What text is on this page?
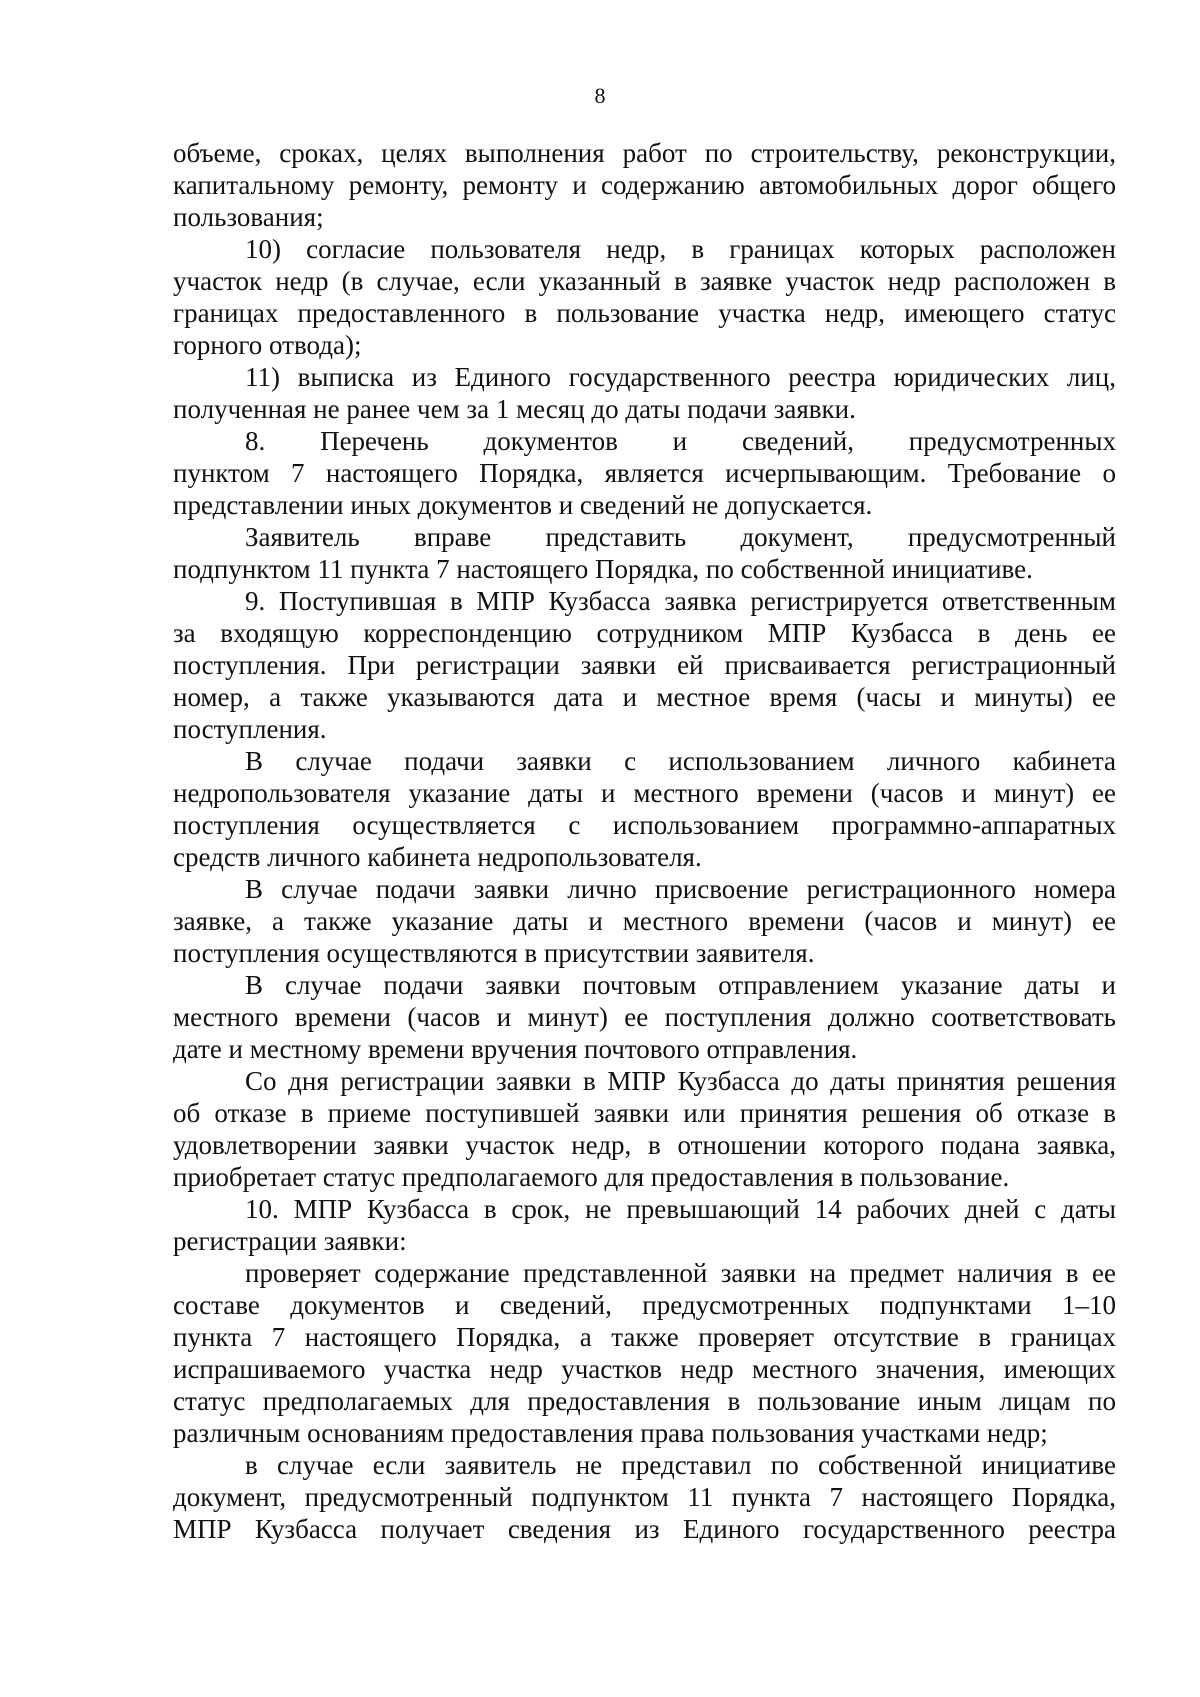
8
объеме, сроках, целях выполнения работ по строительству, реконструкции,
капитальному ремонту, ремонту и содержанию автомобильных дорог общего
пользования;
10) согласие пользователя недр, в границах которых расположен
участок недр (в случае, если указанный в заявке участок недр расположен в
границах предоставленного в пользование участка недр, имеющего статус
горного отвода);
11) выписка из Единого государственного реестра юридических лиц,
полученная не ранее чем за 1 месяц до даты подачи заявки.
8. Перечень документов и сведений, предусмотренных
пунктом 7 настоящего Порядка, является исчерпывающим. Требование о
представлении иных документов и сведений не допускается.
Заявитель вправе представить документ, предусмотренный
подпунктом 11 пункта 7 настоящего Порядка, по собственной инициативе.
9. Поступившая в МПР Кузбасса заявка регистрируется ответственным
за входящую корреспонденцию сотрудником МПР Кузбасса в день ее
поступления. При регистрации заявки ей присваивается регистрационный
номер, а также указываются дата и местное время (часы и минуты) ее
поступления.
В случае подачи заявки с использованием личного кабинета
недропользователя указание даты и местного времени (часов и минут) ее
поступления осуществляется с использованием программно-аппаратных
средств личного кабинета недропользователя.
В случае подачи заявки лично присвоение регистрационного номера
заявке, а также указание даты и местного времени (часов и минут) ее
поступления осуществляются в присутствии заявителя.
В случае подачи заявки почтовым отправлением указание даты и
местного времени (часов и минут) ее поступления должно соответствовать
дате и местному времени вручения почтового отправления.
Со дня регистрации заявки в МПР Кузбасса до даты принятия решения
об отказе в приеме поступившей заявки или принятия решения об отказе в
удовлетворении заявки участок недр, в отношении которого подана заявка,
приобретает статус предполагаемого для предоставления в пользование.
10. МПР Кузбасса в срок, не превышающий 14 рабочих дней с даты
регистрации заявки:
проверяет содержание представленной заявки на предмет наличия в ее
составе документов и сведений, предусмотренных подпунктами 1–10
пункта 7 настоящего Порядка, а также проверяет отсутствие в границах
испрашиваемого участка недр участков недр местного значения, имеющих
статус предполагаемых для предоставления в пользование иным лицам по
различным основаниям предоставления права пользования участками недр;
в случае если заявитель не представил по собственной инициативе
документ, предусмотренный подпунктом 11 пункта 7 настоящего Порядка,
МПР Кузбасса получает сведения из Единого государственного реестра
